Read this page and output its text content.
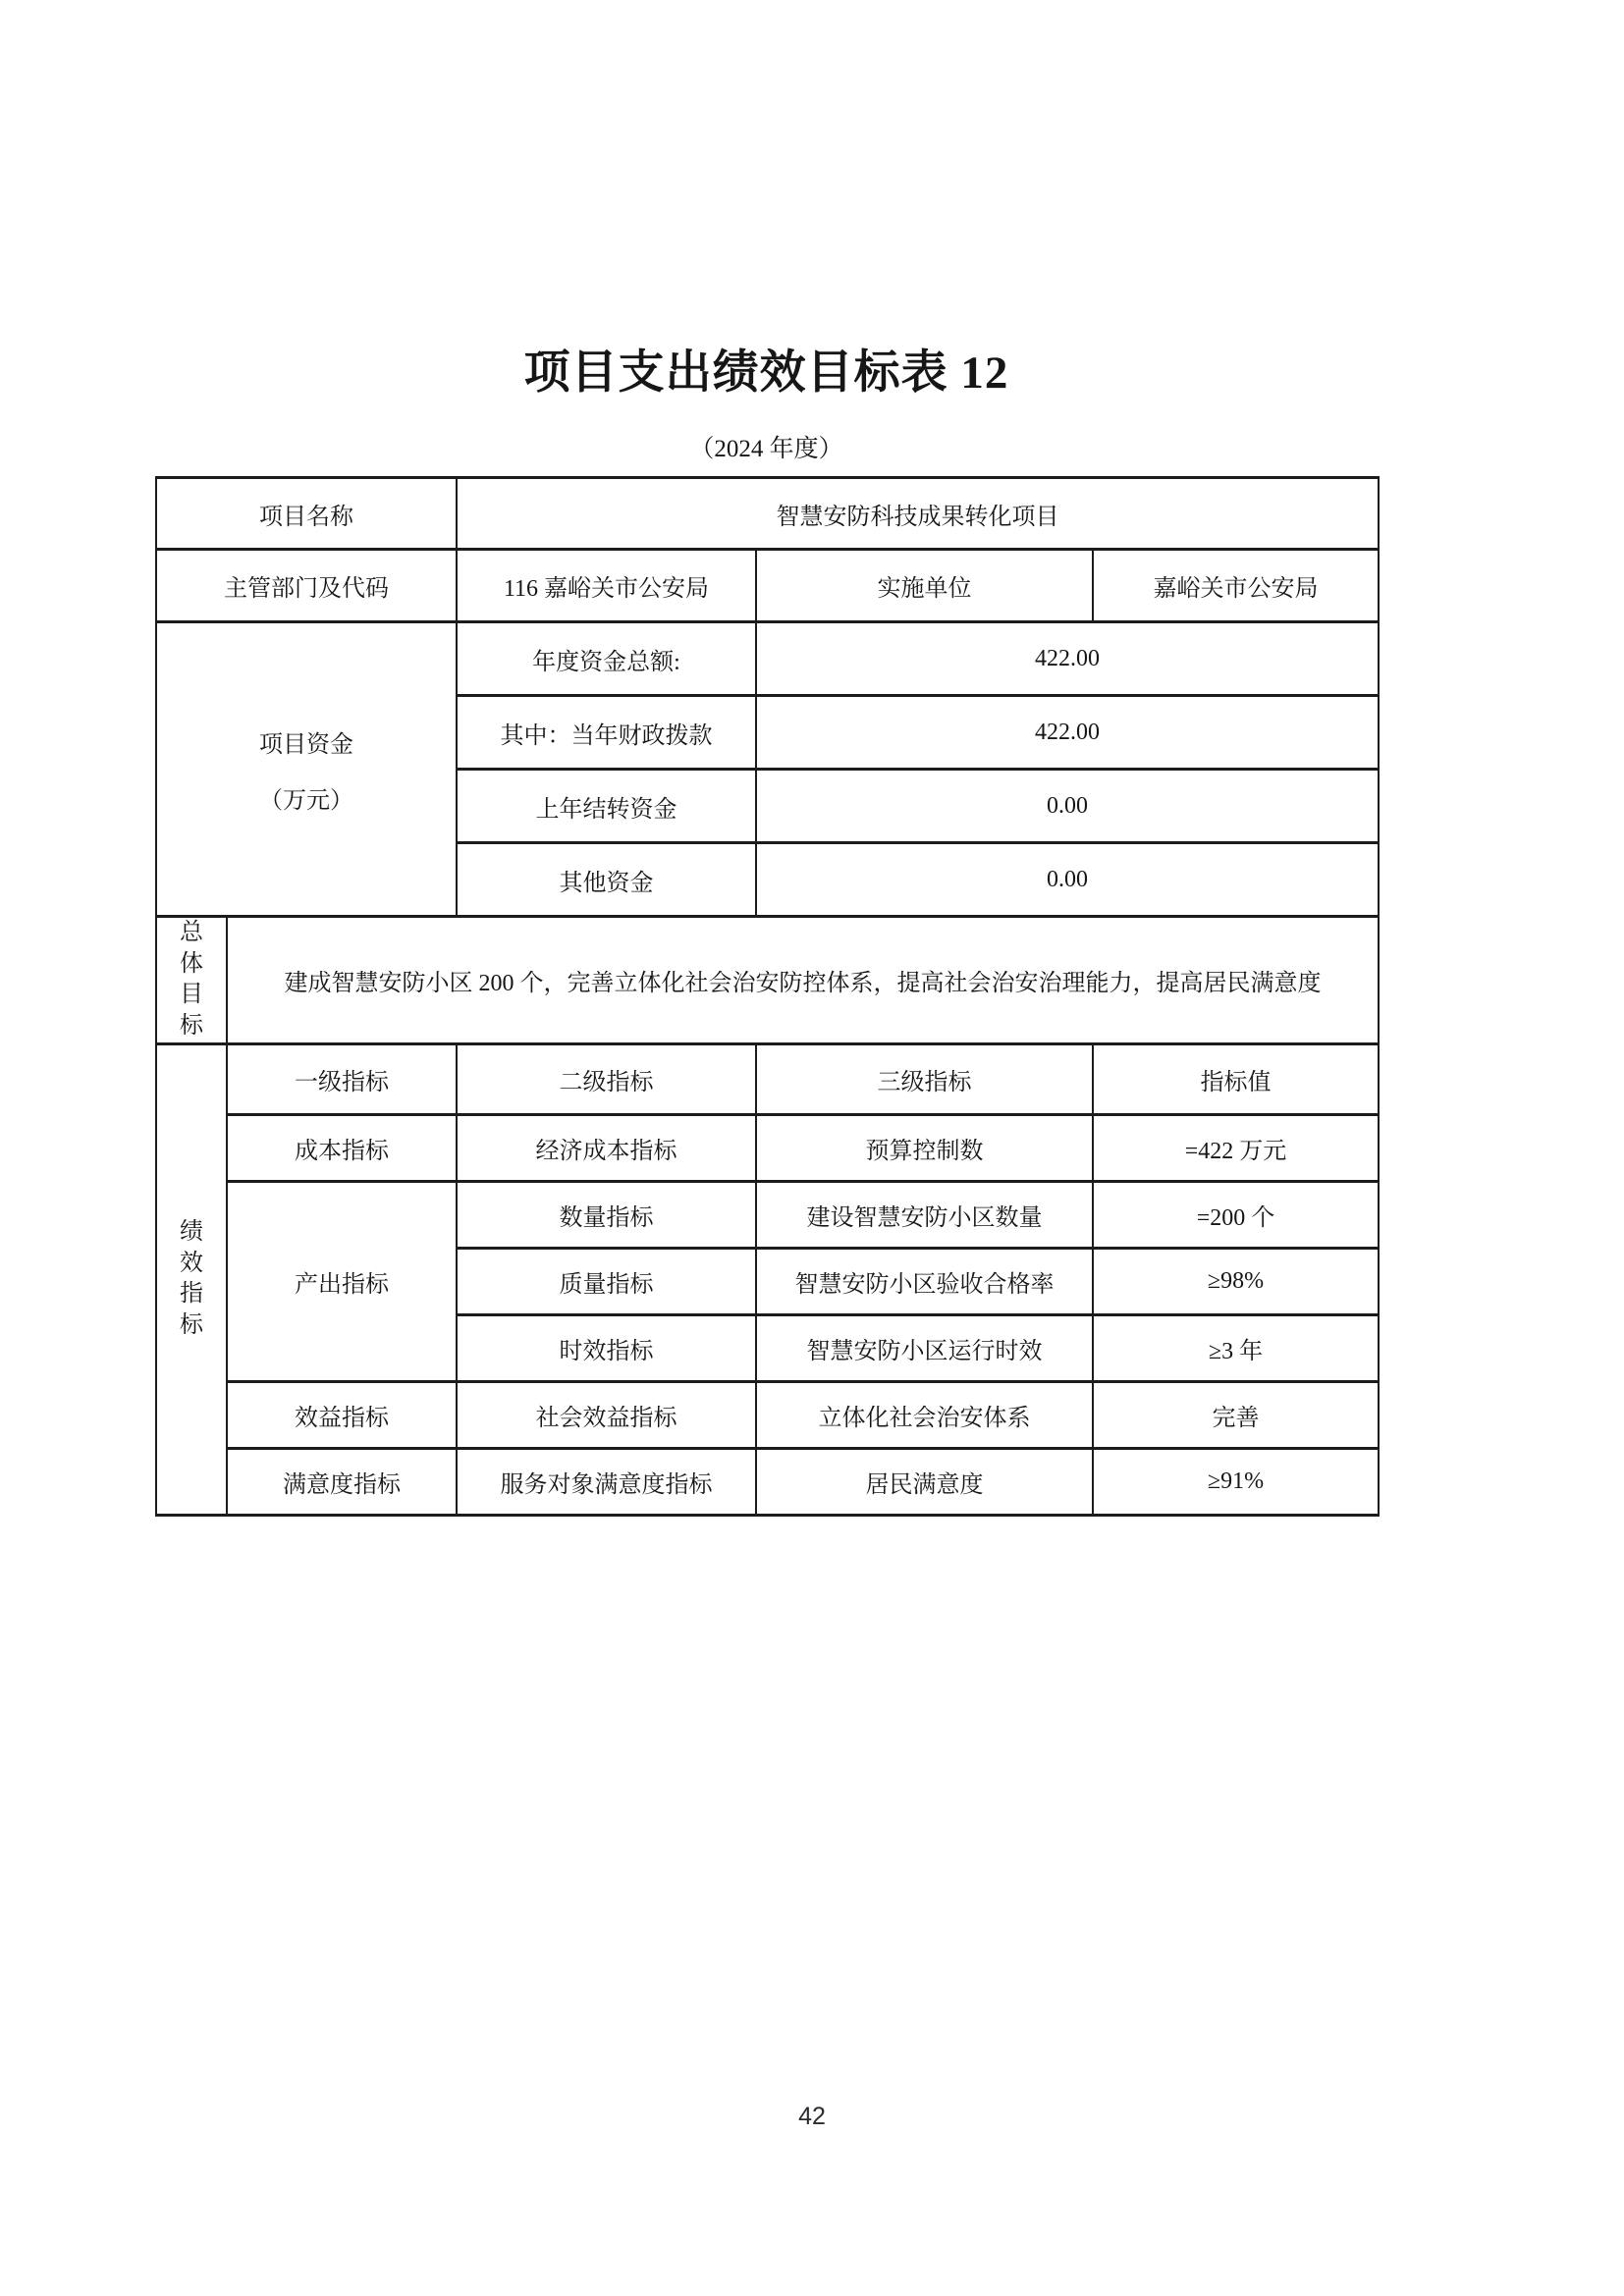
项目支出绩效目标表 12
（2024 年度）
项目名称		智慧安防科技成果转化项目		
主管部门及代码		116 嘉峪关市公安局	实施单位	嘉峪关市公安局

项目资金
（万元）		年度资金总额:	422.00	
		其中：当年财政拨款	422.00	
		上年结转资金	0.00	
		其他资金	0.00	
总体目标	建成智慧安防小区 200 个，完善立体化社会治安防控体系，提高社会治安治理能力，提高居民满意度			
绩效指标	一级指标	二级指标	三级指标	指标值
	成本指标	经济成本指标	预算控制数	=422 万元
	产出指标	数量指标	建设智慧安防小区数量	=200 个
		质量指标	智慧安防小区验收合格率	≥98%
		时效指标	智慧安防小区运行时效	≥3 年
	效益指标	社会效益指标	立体化社会治安体系	完善
	满意度指标	服务对象满意度指标	居民满意度	≥91%
42
